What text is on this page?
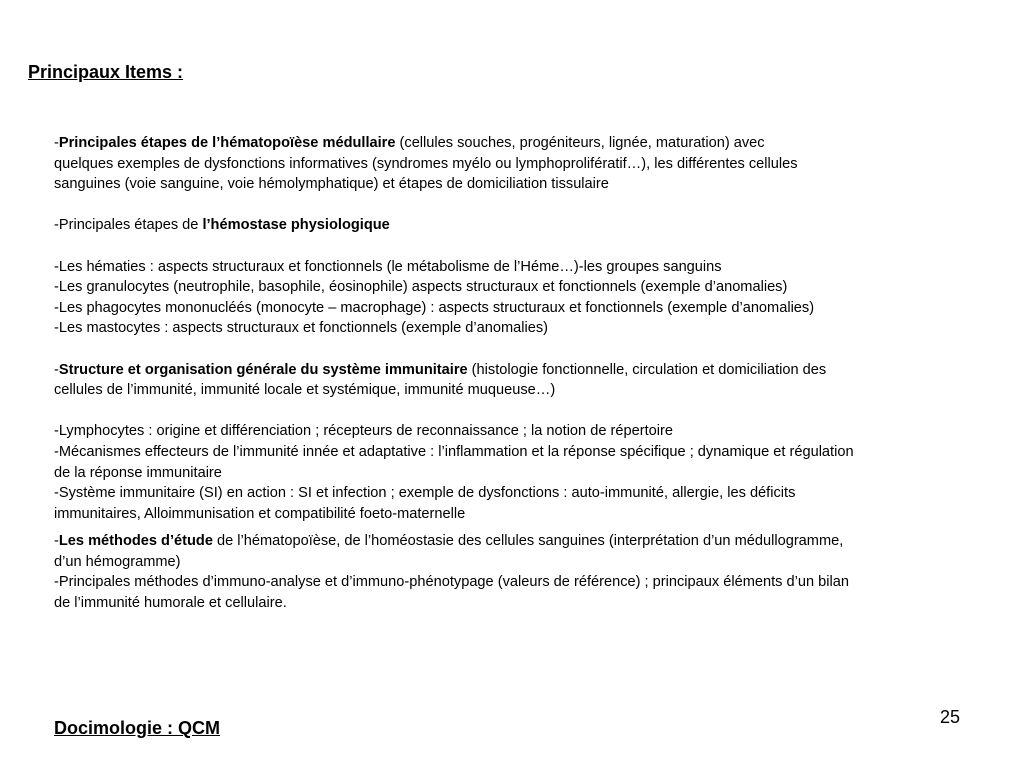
Principaux Items :
-Principales étapes de l’hématopoïèse médullaire (cellules souches, progéniteurs, lignée, maturation) avec
quelques exemples de dysfonctions informatives (syndromes myélo ou lymphoprolifératif…), les différentes cellules
sanguines (voie sanguine, voie hémolymphatique) et étapes de domiciliation tissulaire
-Principales étapes de l’hémostase physiologique
-Les hématies : aspects structuraux et fonctionnels (le métabolisme de l’Héme…)-les groupes sanguins
-Les granulocytes (neutrophile, basophile, éosinophile) aspects structuraux et fonctionnels (exemple d’anomalies)
-Les phagocytes mononucléés (monocyte – macrophage) : aspects structuraux et fonctionnels (exemple d’anomalies)
-Les mastocytes : aspects structuraux et fonctionnels (exemple d’anomalies)
-Structure et organisation générale du système immunitaire (histologie fonctionnelle, circulation et domiciliation des
cellules de l’immunité, immunité locale et systémique, immunité muqueuse…)
-Lymphocytes : origine et différenciation ; récepteurs de reconnaissance ; la notion de répertoire
-Mécanismes effecteurs de l’immunité innée et adaptative : l’inflammation et la réponse spécifique ; dynamique et régulation
de la réponse immunitaire
-Système immunitaire (SI) en action : SI et infection ; exemple de dysfonctions : auto-immunité, allergie, les déficits
immunitaires, Alloimmunisation et compatibilité foeto-maternelle
-Les méthodes d’étude de l’hématopoïèse, de l’homéostasie des cellules sanguines (interprétation d’un médullogramme,
d’un hémogramme)
-Principales méthodes d’immuno-analyse et d’immuno-phénotypage (valeurs de référence) ; principaux éléments d’un bilan
de l’immunité humorale et cellulaire.
25
Docimologie : QCM
